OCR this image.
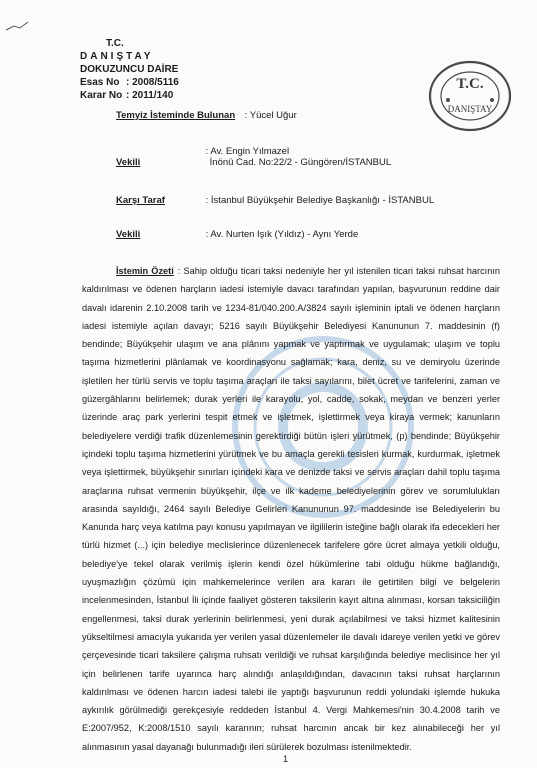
T.C.
DANIŞTAY
DOKUZUNCU DAİRE
Esas No : 2008/5116
Karar No : 2011/140
T.C.
DANIŞTAY
Temyiz İsteminde Bulunan : Yücel Uğur
Vekili
: Av. Engin Yılmazel
İnönü Cad. No:22/2 - Güngören/İSTANBUL
Karşı Taraf	: İstanbul Büyükşehir Belediye Başkanlığı - İSTANBUL
Vekili	: Av. Nurten Işık (Yıldız) - Aynı Yerde
İstemin Özeti : Sahip olduğu ticari taksi nedeniyle her yıl istenilen ticari taksi ruhsat harcının kaldırılması ve ödenen harçların iadesi istemiyle davacı tarafından yapılan, başvurunun reddine dair davalı idarenin 2.10.2008 tarih ve 1234-81/040.200.A/3824 sayılı işleminin iptali ve ödenen harçların iadesi istemiyle açılan davayı; 5216 sayılı Büyükşehir Belediyesi Kanununun 7. maddesinin (f) bendinde; Büyükşehir ulaşım ve ana plânını yapmak ve yaptırmak ve uygulamak; ulaşım ve toplu taşıma hizmetlerini plânlamak ve koordinasyonu sağlamak; kara, deniz, su ve demiryolu üzerinde işletilen her türlü servis ve toplu taşıma araçları ile taksi sayılarını, bilet ücret ve tarifelerini, zaman ve güzergâhlarını belirlemek; durak yerleri ile karayolu, yol, cadde, sokak, meydan ve benzeri yerler üzerinde araç park yerlerini tespit etmek ve işletmek, işlettirmek veya kiraya vermek; kanunların belediyelere verdiği trafik düzenlemesinin gerektirdiği bütün işleri yürütmek, (p) bendinde; Büyükşehir içindeki toplu taşıma hizmetlerini yürütmek ve bu amaçla gerekli tesisleri kurmak, kurdurmak, işletmek veya işlettirmek, büyükşehir sınırları içindeki kara ve denizde taksi ve servis araçları dahil toplu taşıma araçlarına ruhsat vermenin büyükşehir, ilçe ve ilk kademe belediyelerinin görev ve sorumlulukları arasında sayıldığı, 2464 sayılı Belediye Gelirleri Kanununun 97. maddesinde ise Belediyelerin bu Kanunda harç veya katılma payı konusu yapılmayan ve ilgililerin isteğine bağlı olarak ifa edecekleri her türlü hizmet (...) için belediye meclislerince düzenlenecek tarifelere göre ücret almaya yetkili olduğu, belediye'ye tekel olarak verilmiş işlerin kendi özel hükümlerine tabi olduğu hükme bağlandığı, uyuşmazlığın çözümü için mahkemelerince verilen ara kararı ile getirtilen bilgi ve belgelerin incelenmesinden, İstanbul İli içinde faaliyet gösteren taksilerin kayıt altına alınması, korsan taksiciliğin engellenmesi, taksi durak yerlerinin belirlenmesi, yeni durak açılabilmesi ve taksi hizmet kalitesinin yükseltilmesi amacıyla yukarıda yer verilen yasal düzenlemeler ile davalı idareye verilen yetki ve görev çerçevesinde ticari taksilere çalışma ruhsatı verildiği ve ruhsat karşılığında belediye meclisince her yıl için belirlenen tarife uyarınca harç alındığı anlaşıldığından, davacının taksi ruhsat harçlarının kaldırılması ve ödenen harcın iadesi talebi ile yaptığı başvurunun reddi yolundaki işlemde hukuka aykırılık görülmediği gerekçesiyle reddeden İstanbul 4. Vergi Mahkemesi'nin 30.4.2008 tarih ve E:2007/952, K:2008/1510 sayılı kararının; ruhsat harcının ancak bir kez alınabileceği her yıl alınmasının yasal dayanağı bulunmadığı ileri sürülerek bozulması istenilmektedir.
1
